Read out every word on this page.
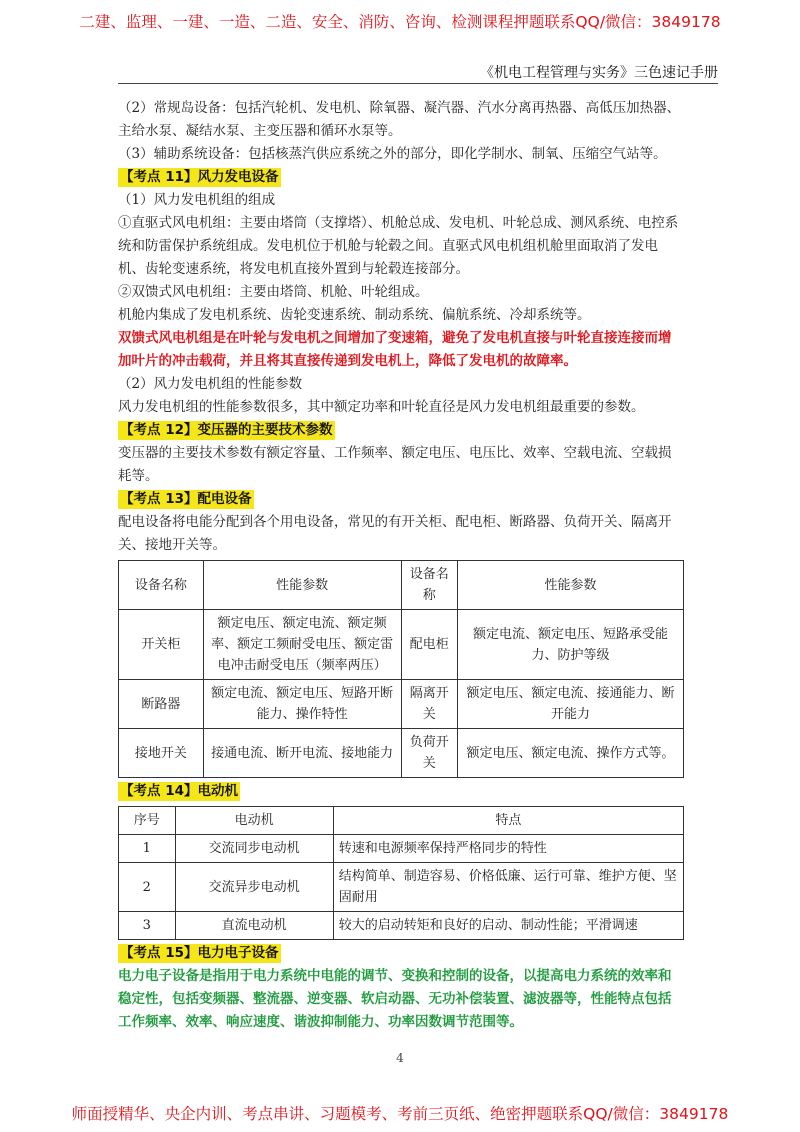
二建、监理、一建、一造、二造、安全、消防、咨询、检测课程押题联系QQ/微信：3849178
《机电工程管理与实务》三色速记手册

（2）常规岛设备：包括汽轮机、发电机、除氧器、凝汽器、汽水分离再热器、高低压加热器、主给水泵、凝结水泵、主变压器和循环水泵等。

（3）辅助系统设备：包括核蒸汽供应系统之外的部分，即化学制水、制氧、压缩空气站等。

【考点 11】风力发电设备

（1）风力发电机组的组成

①直驱式风电机组：主要由塔筒（支撑塔）、机舱总成、发电机、叶轮总成、测风系统、电控系统和防雷保护系统组成。发电机位于机舱与轮毂之间。直驱式风电机组机舱里面取消了发电机、齿轮变速系统，将发电机直接外置到与轮毂连接部分。

②双馈式风电机组：主要由塔筒、机舱、叶轮组成。

机舱内集成了发电机系统、齿轮变速系统、制动系统、偏航系统、冷却系统等。

双馈式风电机组是在叶轮与发电机之间增加了变速箱，避免了发电机直接与叶轮直接连接而增加叶片的冲击载荷，并且将其直接传递到发电机上，降低了发电机的故障率。

（2）风力发电机组的性能参数

风力发电机组的性能参数很多，其中额定功率和叶轮直径是风力发电机组最重要的参数。

【考点 12】变压器的主要技术参数

变压器的主要技术参数有额定容量、工作频率、额定电压、电压比、效率、空载电流、空载损耗等。

【考点 13】配电设备

配电设备将电能分配到各个用电设备，常见的有开关柜、配电柜、断路器、负荷开关、隔离开关、接地开关等。

设备名称	性能参数	设备名称	性能参数
开关柜	额定电压、额定电流、额定频率、额定工频耐受电压、额定雷电冲击耐受电压（频率两压）	配电柜	额定电流、额定电压、短路承受能力、防护等级
断路器	额定电流、额定电压、短路开断能力、操作特性	隔离开关	额定电压、额定电流、接通能力、断开能力
接地开关	接通电流、断开电流、接地能力	负荷开关	额定电压、额定电流、操作方式等。
【考点 14】电动机
序号	电动机	特点
1	交流同步电动机	转速和电源频率保持严格同步的特性
2	交流异步电动机	结构简单、制造容易、价格低廉、运行可靠、维护方便、坚固耐用
3	直流电动机	较大的启动转矩和良好的启动、制动性能；平滑调速
【考点 15】电力电子设备

电力电子设备是指用于电力系统中电能的调节、变换和控制的设备，以提高电力系统的效率和稳定性，包括变频器、整流器、逆变器、软启动器、无功补偿装置、滤波器等，性能特点包括工作频率、效率、响应速度、谐波抑制能力、功率因数调节范围等。

4
师面授精华、央企内训、考点串讲、习题模考、考前三页纸、绝密押题联系QQ/微信：3849178
